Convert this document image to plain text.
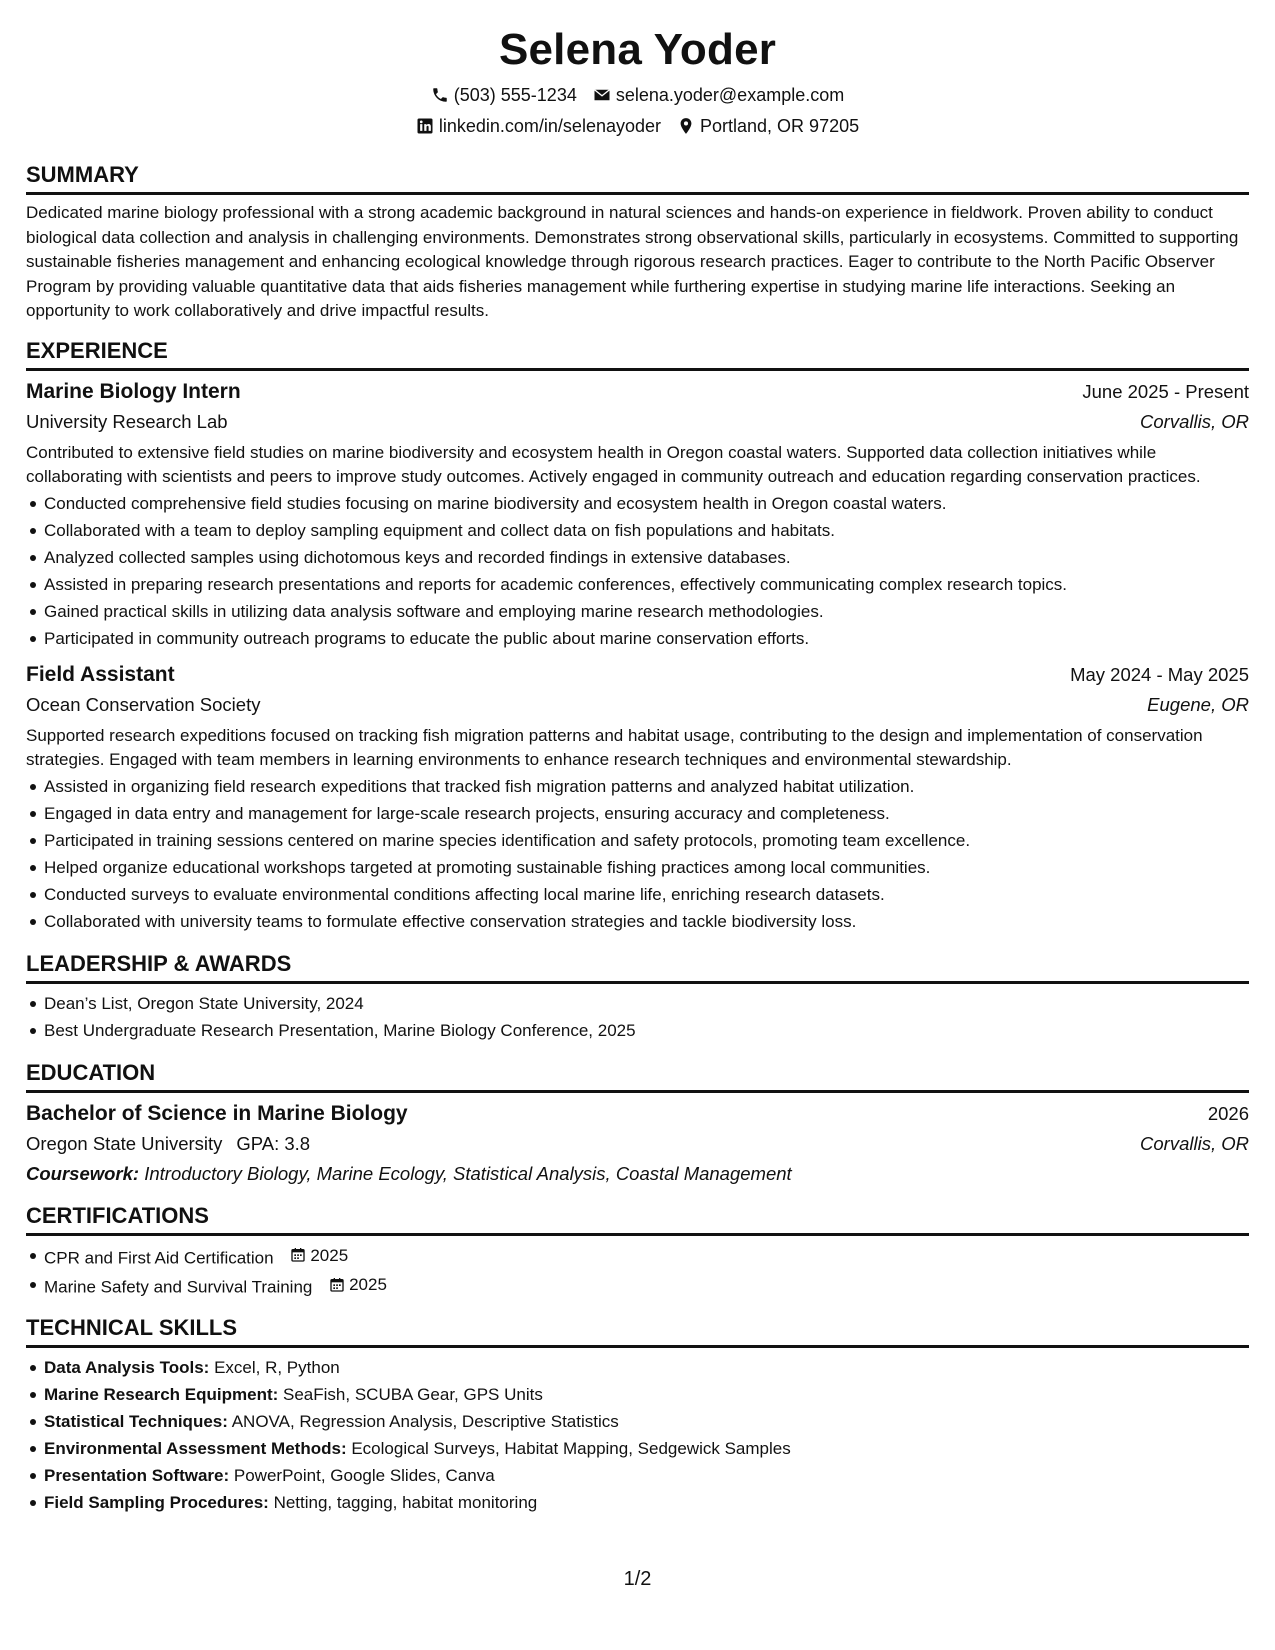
Selena Yoder
(503) 555-1234 selena.yoder@example.com
linkedin.com/in/selenayoder Portland, OR 97205
SUMMARY

Dedicated marine biology professional with a strong academic background in natural sciences and hands-on experience in fieldwork. Proven ability to conduct biological data collection and analysis in challenging environments. Demonstrates strong observational skills, particularly in ecosystems. Committed to supporting sustainable fisheries management and enhancing ecological knowledge through rigorous research practices. Eager to contribute to the North Pacific Observer Program by providing valuable quantitative data that aids fisheries management while furthering expertise in studying marine life interactions. Seeking an opportunity to work collaboratively and drive impactful results.

EXPERIENCE
Marine Biology Intern	June 2025 - Present
University Research Lab	Corvallis, OR

Contributed to extensive field studies on marine biodiversity and ecosystem health in Oregon coastal waters. Supported data collection initiatives while collaborating with scientists and peers to improve study outcomes. Actively engaged in community outreach and education regarding conservation practices.

Conducted comprehensive field studies focusing on marine biodiversity and ecosystem health in Oregon coastal waters.
Collaborated with a team to deploy sampling equipment and collect data on fish populations and habitats.
Analyzed collected samples using dichotomous keys and recorded findings in extensive databases.
Assisted in preparing research presentations and reports for academic conferences, effectively communicating complex research topics.
Gained practical skills in utilizing data analysis software and employing marine research methodologies.
Participated in community outreach programs to educate the public about marine conservation efforts.
Field Assistant	May 2024 - May 2025
Ocean Conservation Society	Eugene, OR

Supported research expeditions focused on tracking fish migration patterns and habitat usage, contributing to the design and implementation of conservation strategies. Engaged with team members in learning environments to enhance research techniques and environmental stewardship.

Assisted in organizing field research expeditions that tracked fish migration patterns and analyzed habitat utilization.
Engaged in data entry and management for large-scale research projects, ensuring accuracy and completeness.
Participated in training sessions centered on marine species identification and safety protocols, promoting team excellence.
Helped organize educational workshops targeted at promoting sustainable fishing practices among local communities.
Conducted surveys to evaluate environmental conditions affecting local marine life, enriching research datasets.
Collaborated with university teams to formulate effective conservation strategies and tackle biodiversity loss.
LEADERSHIP & AWARDS
Dean’s List, Oregon State University, 2024
Best Undergraduate Research Presentation, Marine Biology Conference, 2025
EDUCATION
Bachelor of Science in Marine Biology	2026
Oregon State University GPA: 3.8	Corvallis, OR
Coursework: Introductory Biology, Marine Ecology, Statistical Analysis, Coastal Management
CERTIFICATIONS
CPR and First Aid Certification 2025
Marine Safety and Survival Training 2025
TECHNICAL SKILLS
Data Analysis Tools: Excel, R, Python
Marine Research Equipment: SeaFish, SCUBA Gear, GPS Units
Statistical Techniques: ANOVA, Regression Analysis, Descriptive Statistics
Environmental Assessment Methods: Ecological Surveys, Habitat Mapping, Sedgewick Samples
Presentation Software: PowerPoint, Google Slides, Canva
Field Sampling Procedures: Netting, tagging, habitat monitoring
1/2
